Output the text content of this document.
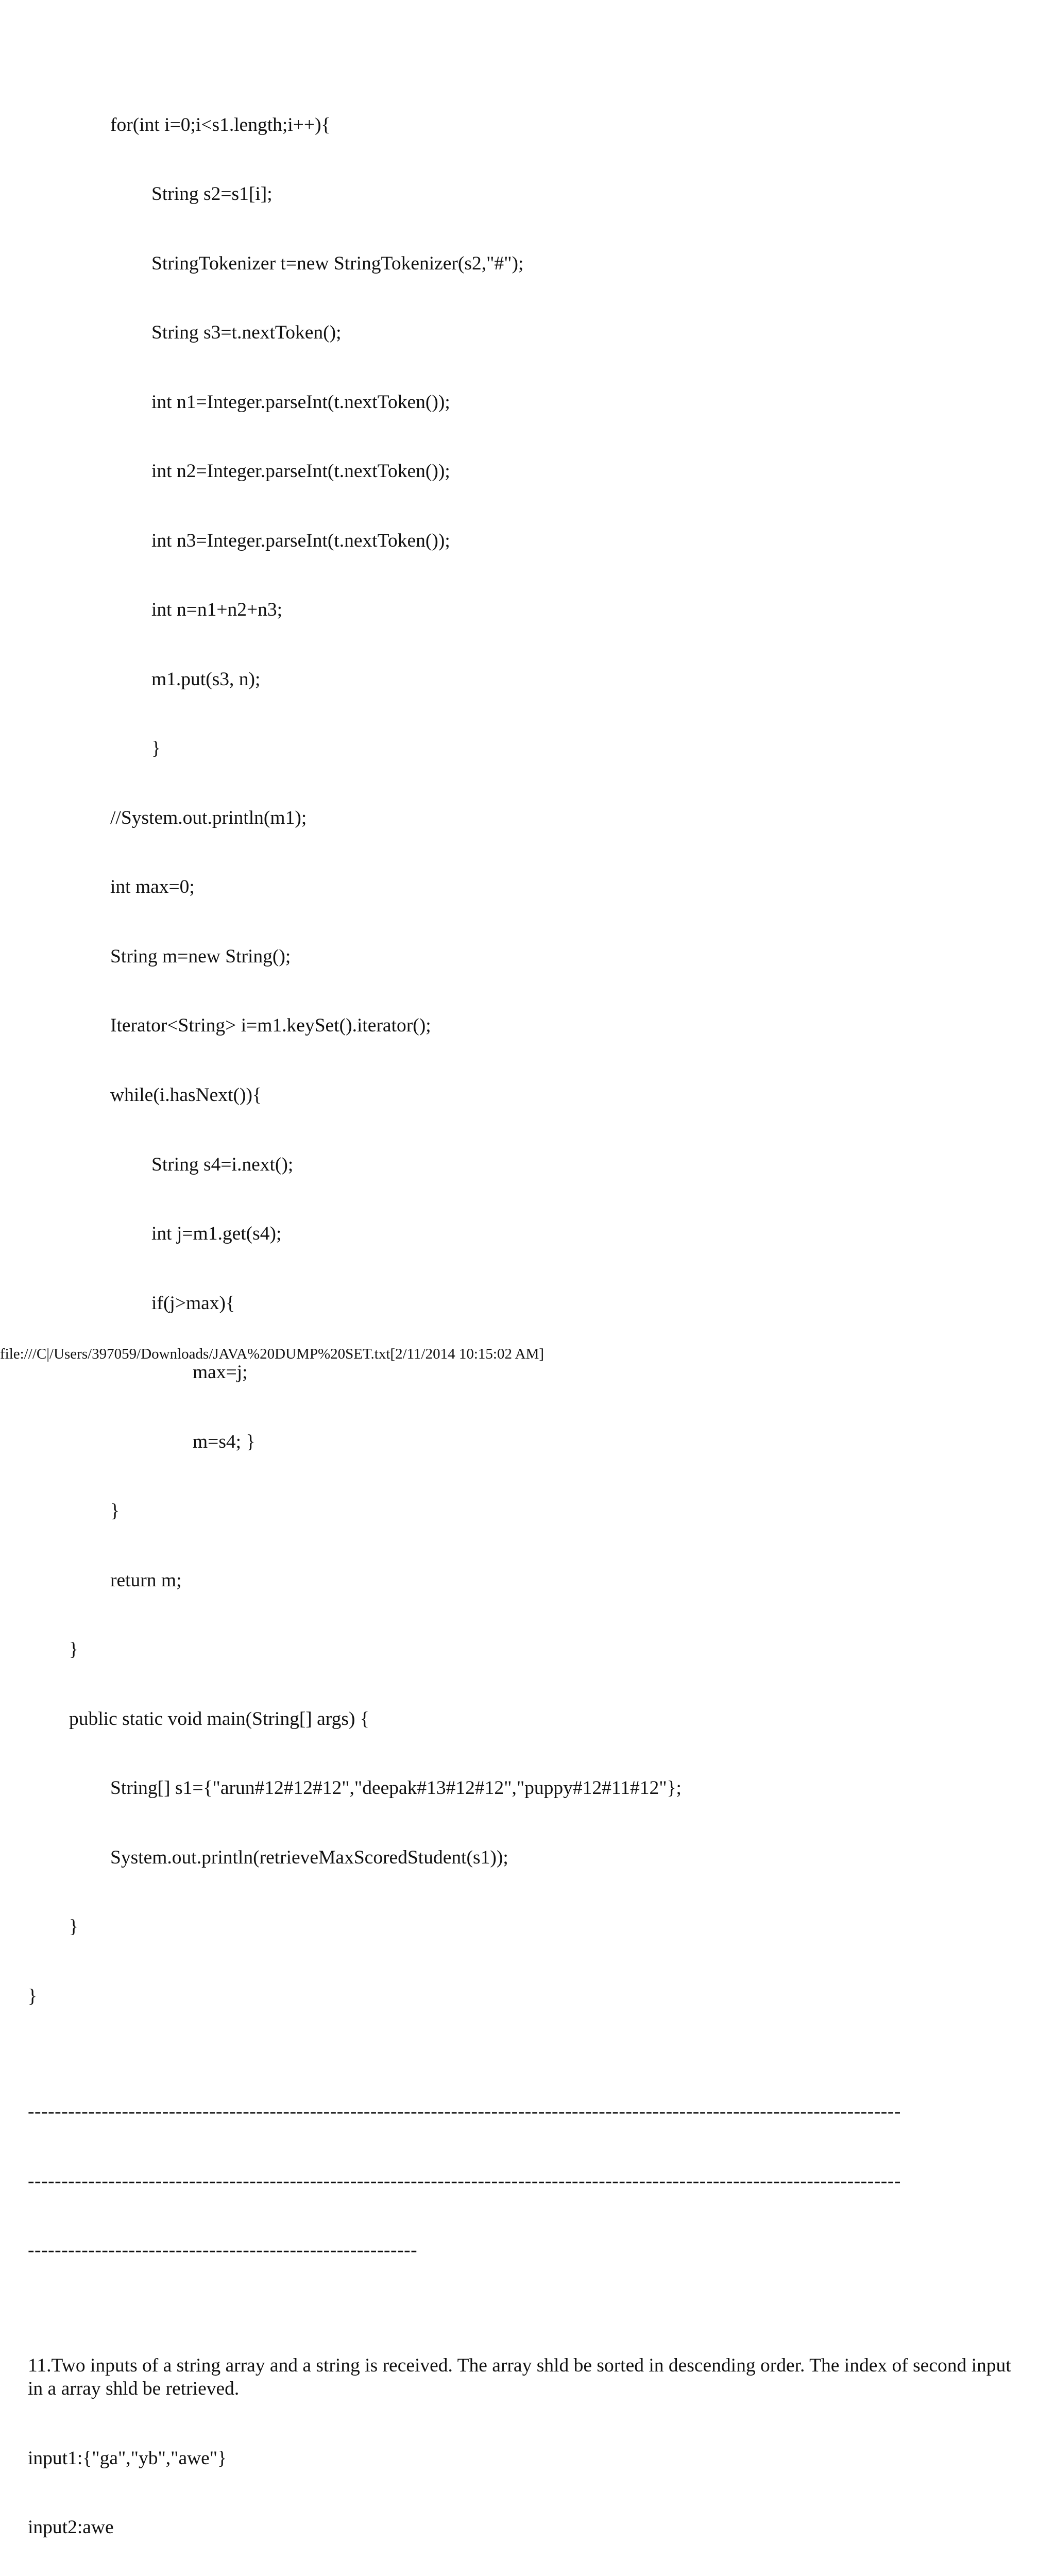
for(int i=0;i<s1.length;i++){

String s2=s1[i];

StringTokenizer t=new StringTokenizer(s2,"#");

String s3=t.nextToken();

int n1=Integer.parseInt(t.nextToken());

int n2=Integer.parseInt(t.nextToken());

int n3=Integer.parseInt(t.nextToken());

int n=n1+n2+n3;

m1.put(s3, n);

}

//System.out.println(m1);

int max=0;

String m=new String();

Iterator<String> i=m1.keySet().iterator();

while(i.hasNext()){

String s4=i.next();

int j=m1.get(s4);

if(j>max){

max=j;

m=s4; }

}

return m;

}

public static void main(String[] args) {

String[] s1={"arun#12#12#12","deepak#13#12#12","puppy#12#11#12"};

System.out.println(retrieveMaxScoredStudent(s1));

}

}

----------------------------------------------------------------------------------------------------------------------------------

----------------------------------------------------------------------------------------------------------------------------------

----------------------------------------------------------

11.Two inputs of a string array and a string is received. The array shld be sorted in descending order. The index of second input in a array shld be retrieved.

input1:{"ga","yb","awe"}

input2:awe

file:///C|/Users/397059/Downloads/JAVA%20DUMP%20SET.txt[2/11/2014 10:15:02 AM]
